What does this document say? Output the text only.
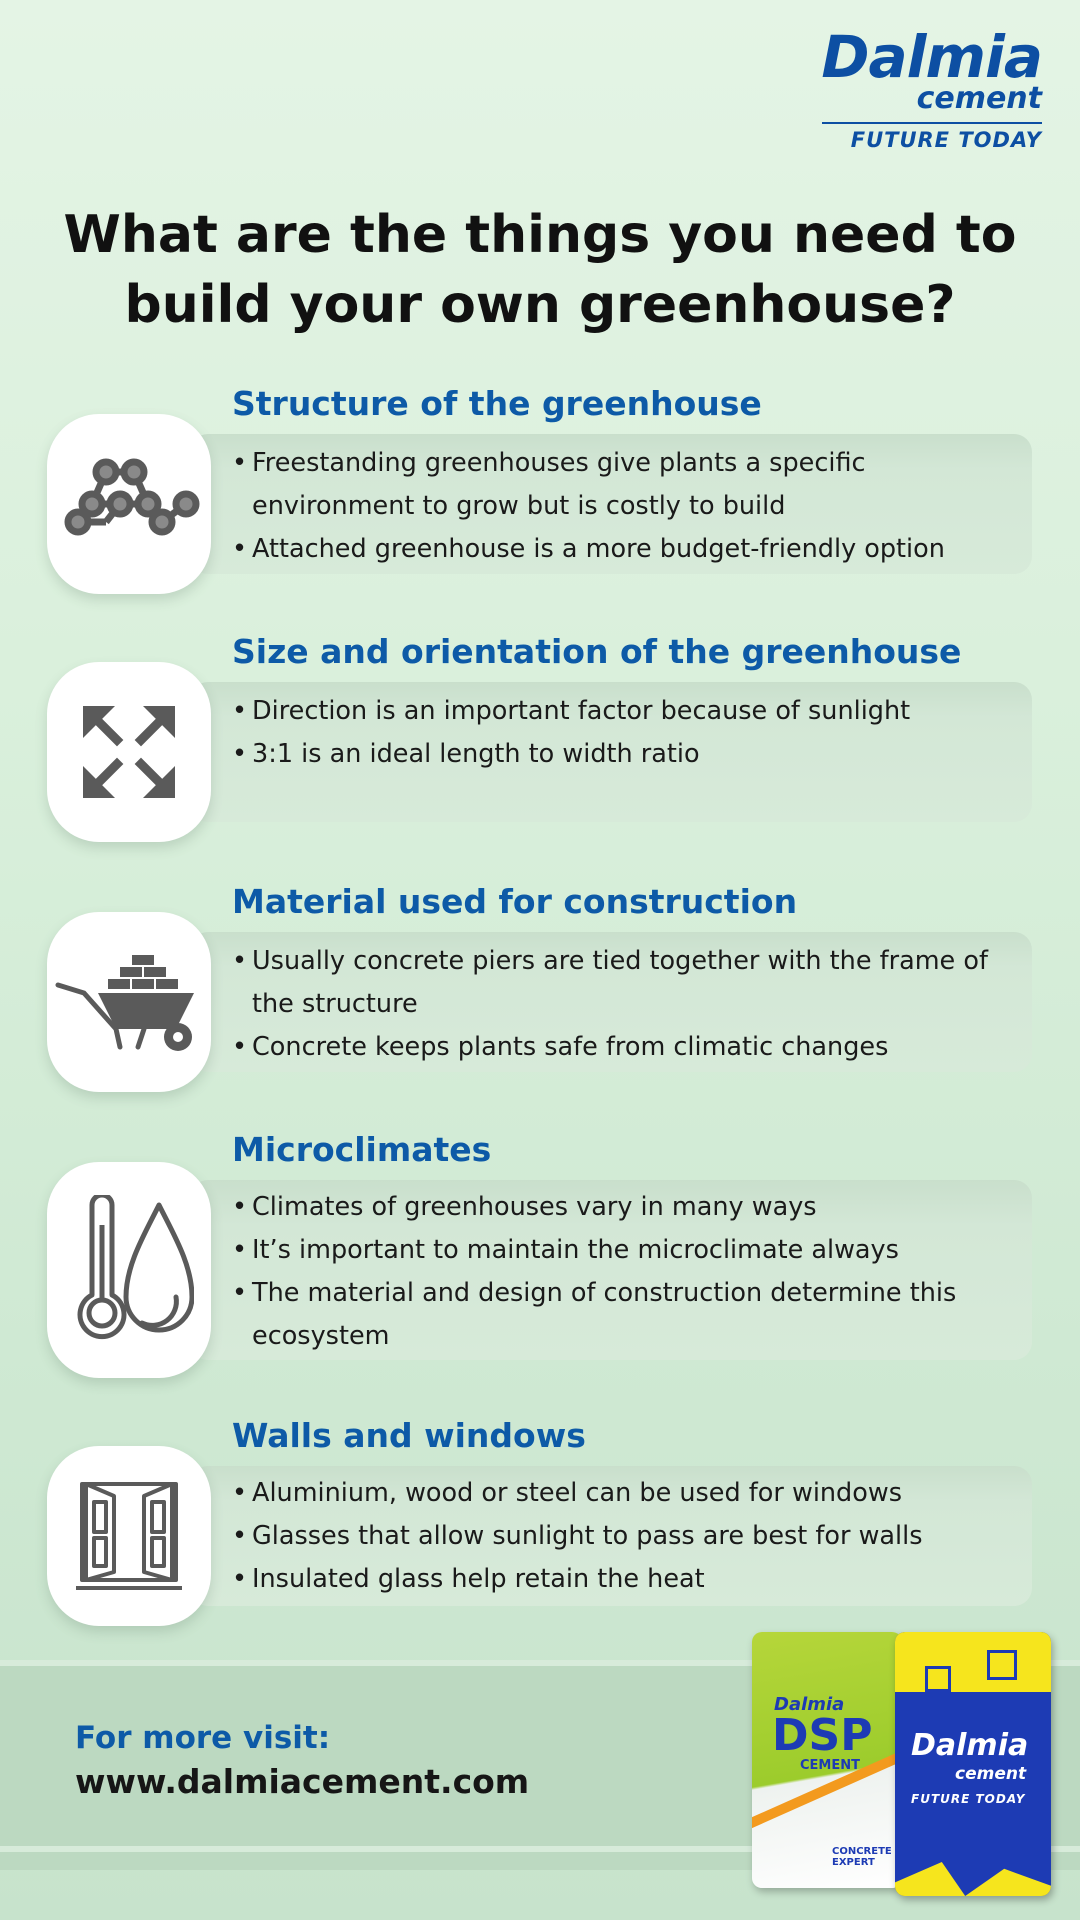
Dalmia
cement
FUTURE TODAY
What are the things you need to
build your own greenhouse?
Structure of the greenhouse
• Freestanding greenhouses give plants a specific environment to grow but is costly to build
• Attached greenhouse is a more budget-friendly option
Size and orientation of the greenhouse
• Direction is an important factor because of sunlight
• 3:1 is an ideal length to width ratio
Material used for construction
• Usually concrete piers are tied together with the frame of the structure
• Concrete keeps plants safe from climatic changes
Microclimates
• Climates of greenhouses vary in many ways
• It’s important to maintain the microclimate always
• The material and design of construction determine this ecosystem
Walls and windows
• Aluminium, wood or steel can be used for windows
• Glasses that allow sunlight to pass are best for walls
• Insulated glass help retain the heat
For more visit:
www.dalmiacement.com
Dalmia
DSP
CEMENT
CONCRETE EXPERT
Dalmia
cement
FUTURE TODAY
